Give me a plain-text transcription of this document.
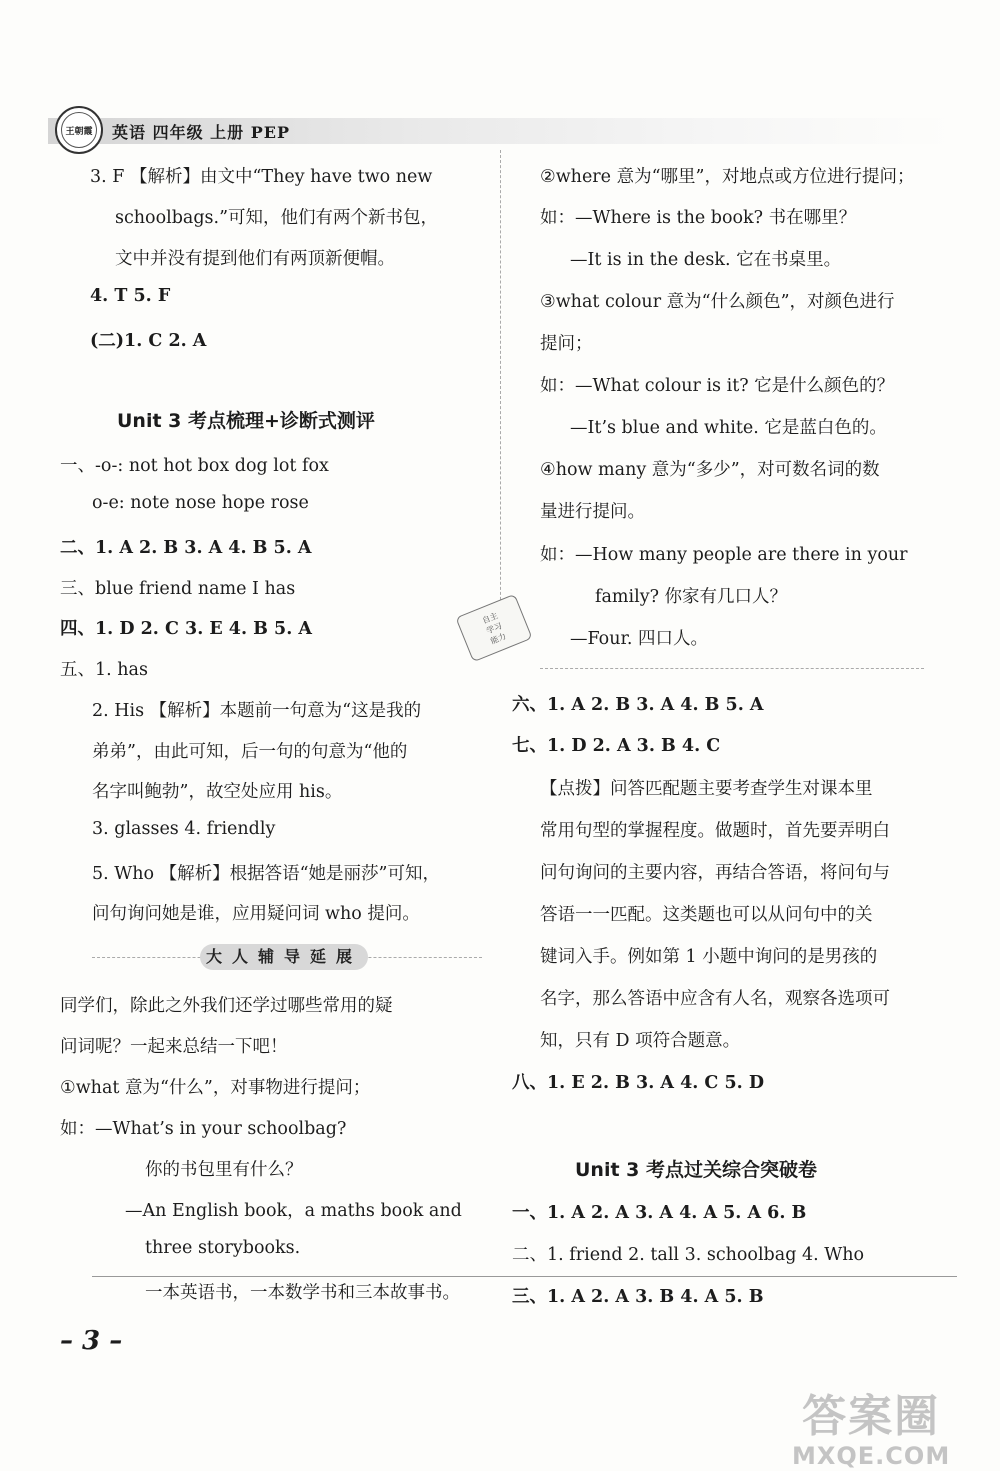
王朝霞 英语 四年级 上册 PEP
自主
学习
能力
3. F 【解析】由文中“They have two new
schoolbags.”可知，他们有两个新书包，
文中并没有提到他们有两顶新便帽。
4. T 5. F
(二)1. C 2. A
Unit 3 考点梳理+诊断式测评
一、-o-: not hot box dog lot fox
o-e: note nose hope rose
二、1. A 2. B 3. A 4. B 5. A
三、blue friend name I has
四、1. D 2. C 3. E 4. B 5. A
五、1. has
2. His 【解析】本题前一句意为“这是我的
弟弟”，由此可知，后一句的句意为“他的
名字叫鲍勃”，故空处应用 his。
3. glasses 4. friendly
5. Who 【解析】根据答语“她是丽莎”可知，
问句询问她是谁，应用疑问词 who 提问。
大人辅导延展
同学们，除此之外我们还学过哪些常用的疑
问词呢？一起来总结一下吧！
①what 意为“什么”，对事物进行提问；
如：—What’s in your schoolbag?
你的书包里有什么？
—An English book，a maths book and
three storybooks.
一本英语书，一本数学书和三本故事书。
②where 意为“哪里”，对地点或方位进行提问；
如：—Where is the book? 书在哪里？
—It is in the desk. 它在书桌里。
③what colour 意为“什么颜色”，对颜色进行
提问；
如：—What colour is it? 它是什么颜色的？
—It’s blue and white. 它是蓝白色的。
④how many 意为“多少”，对可数名词的数
量进行提问。
如：—How many people are there in your
family? 你家有几口人？
—Four. 四口人。
六、1. A 2. B 3. A 4. B 5. A
七、1. D 2. A 3. B 4. C
【点拨】问答匹配题主要考查学生对课本里
常用句型的掌握程度。做题时，首先要弄明白
问句询问的主要内容，再结合答语，将问句与
答语一一匹配。这类题也可以从问句中的关
键词入手。例如第 1 小题中询问的是男孩的
名字，那么答语中应含有人名，观察各选项可
知，只有 D 项符合题意。
八、1. E 2. B 3. A 4. C 5. D
Unit 3 考点过关综合突破卷
一、1. A 2. A 3. A 4. A 5. A 6. B
二、1. friend 2. tall 3. schoolbag 4. Who
三、1. A 2. A 3. B 4. A 5. B
– 3 –
答案圈
MXQE.COM
